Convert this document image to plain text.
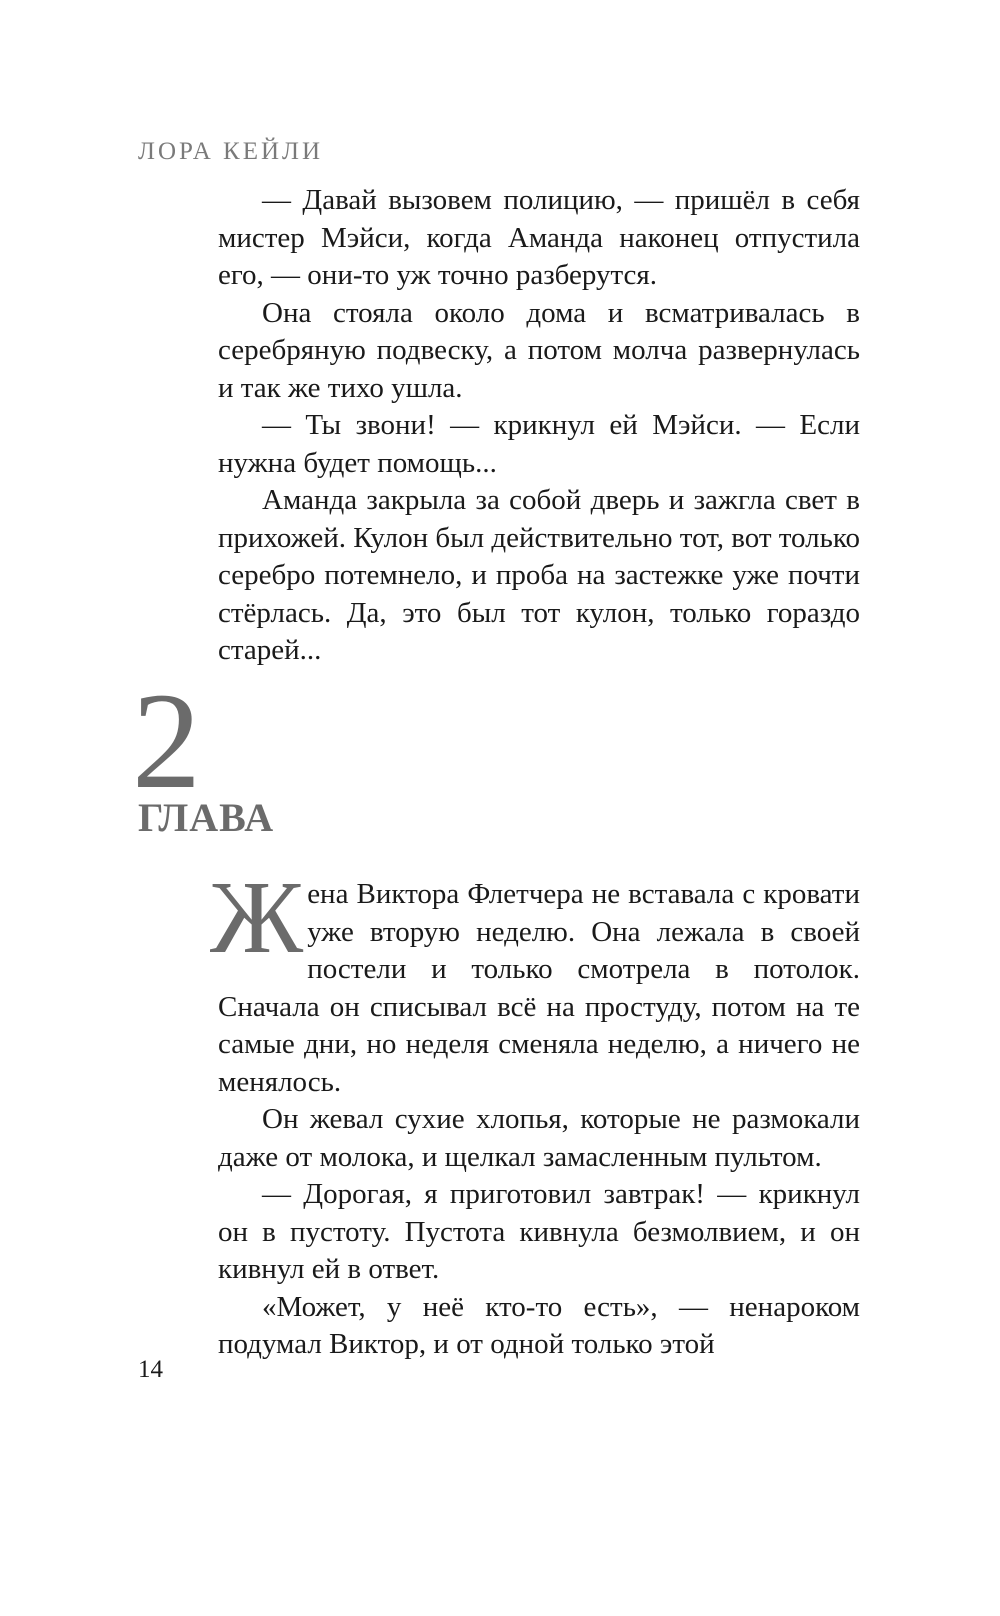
ЛОРА КЕЙЛИ

— Давай вызовем полицию, — пришёл в себя мистер Мэйси, когда Аманда наконец отпустила его, — они-то уж точно разберутся.

Она стояла около дома и всматривалась в серебряную подвеску, а потом молча развернулась и так же тихо ушла.

— Ты звони! — крикнул ей Мэйси. — Если нужна будет помощь...

Аманда закрыла за собой дверь и зажгла свет в прихожей. Кулон был действительно тот, вот только серебро потемнело, и проба на застежке уже почти стёрлась. Да, это был тот кулон, только гораздо старей...

2
ГЛАВА

Жена Виктора Флетчера не вставала с кровати уже вторую неделю. Она лежала в своей постели и только смотрела в потолок. Сначала он списывал всё на простуду, потом на те самые дни, но неделя сменяла неделю, а ничего не менялось.

Он жевал сухие хлопья, которые не размокали даже от молока, и щелкал замасленным пультом.

— Дорогая, я приготовил завтрак! — крикнул он в пустоту. Пустота кивнула безмолвием, и он кивнул ей в ответ.

«Может, у неё кто-то есть», — ненароком подумал Виктор, и от одной только этой

14
